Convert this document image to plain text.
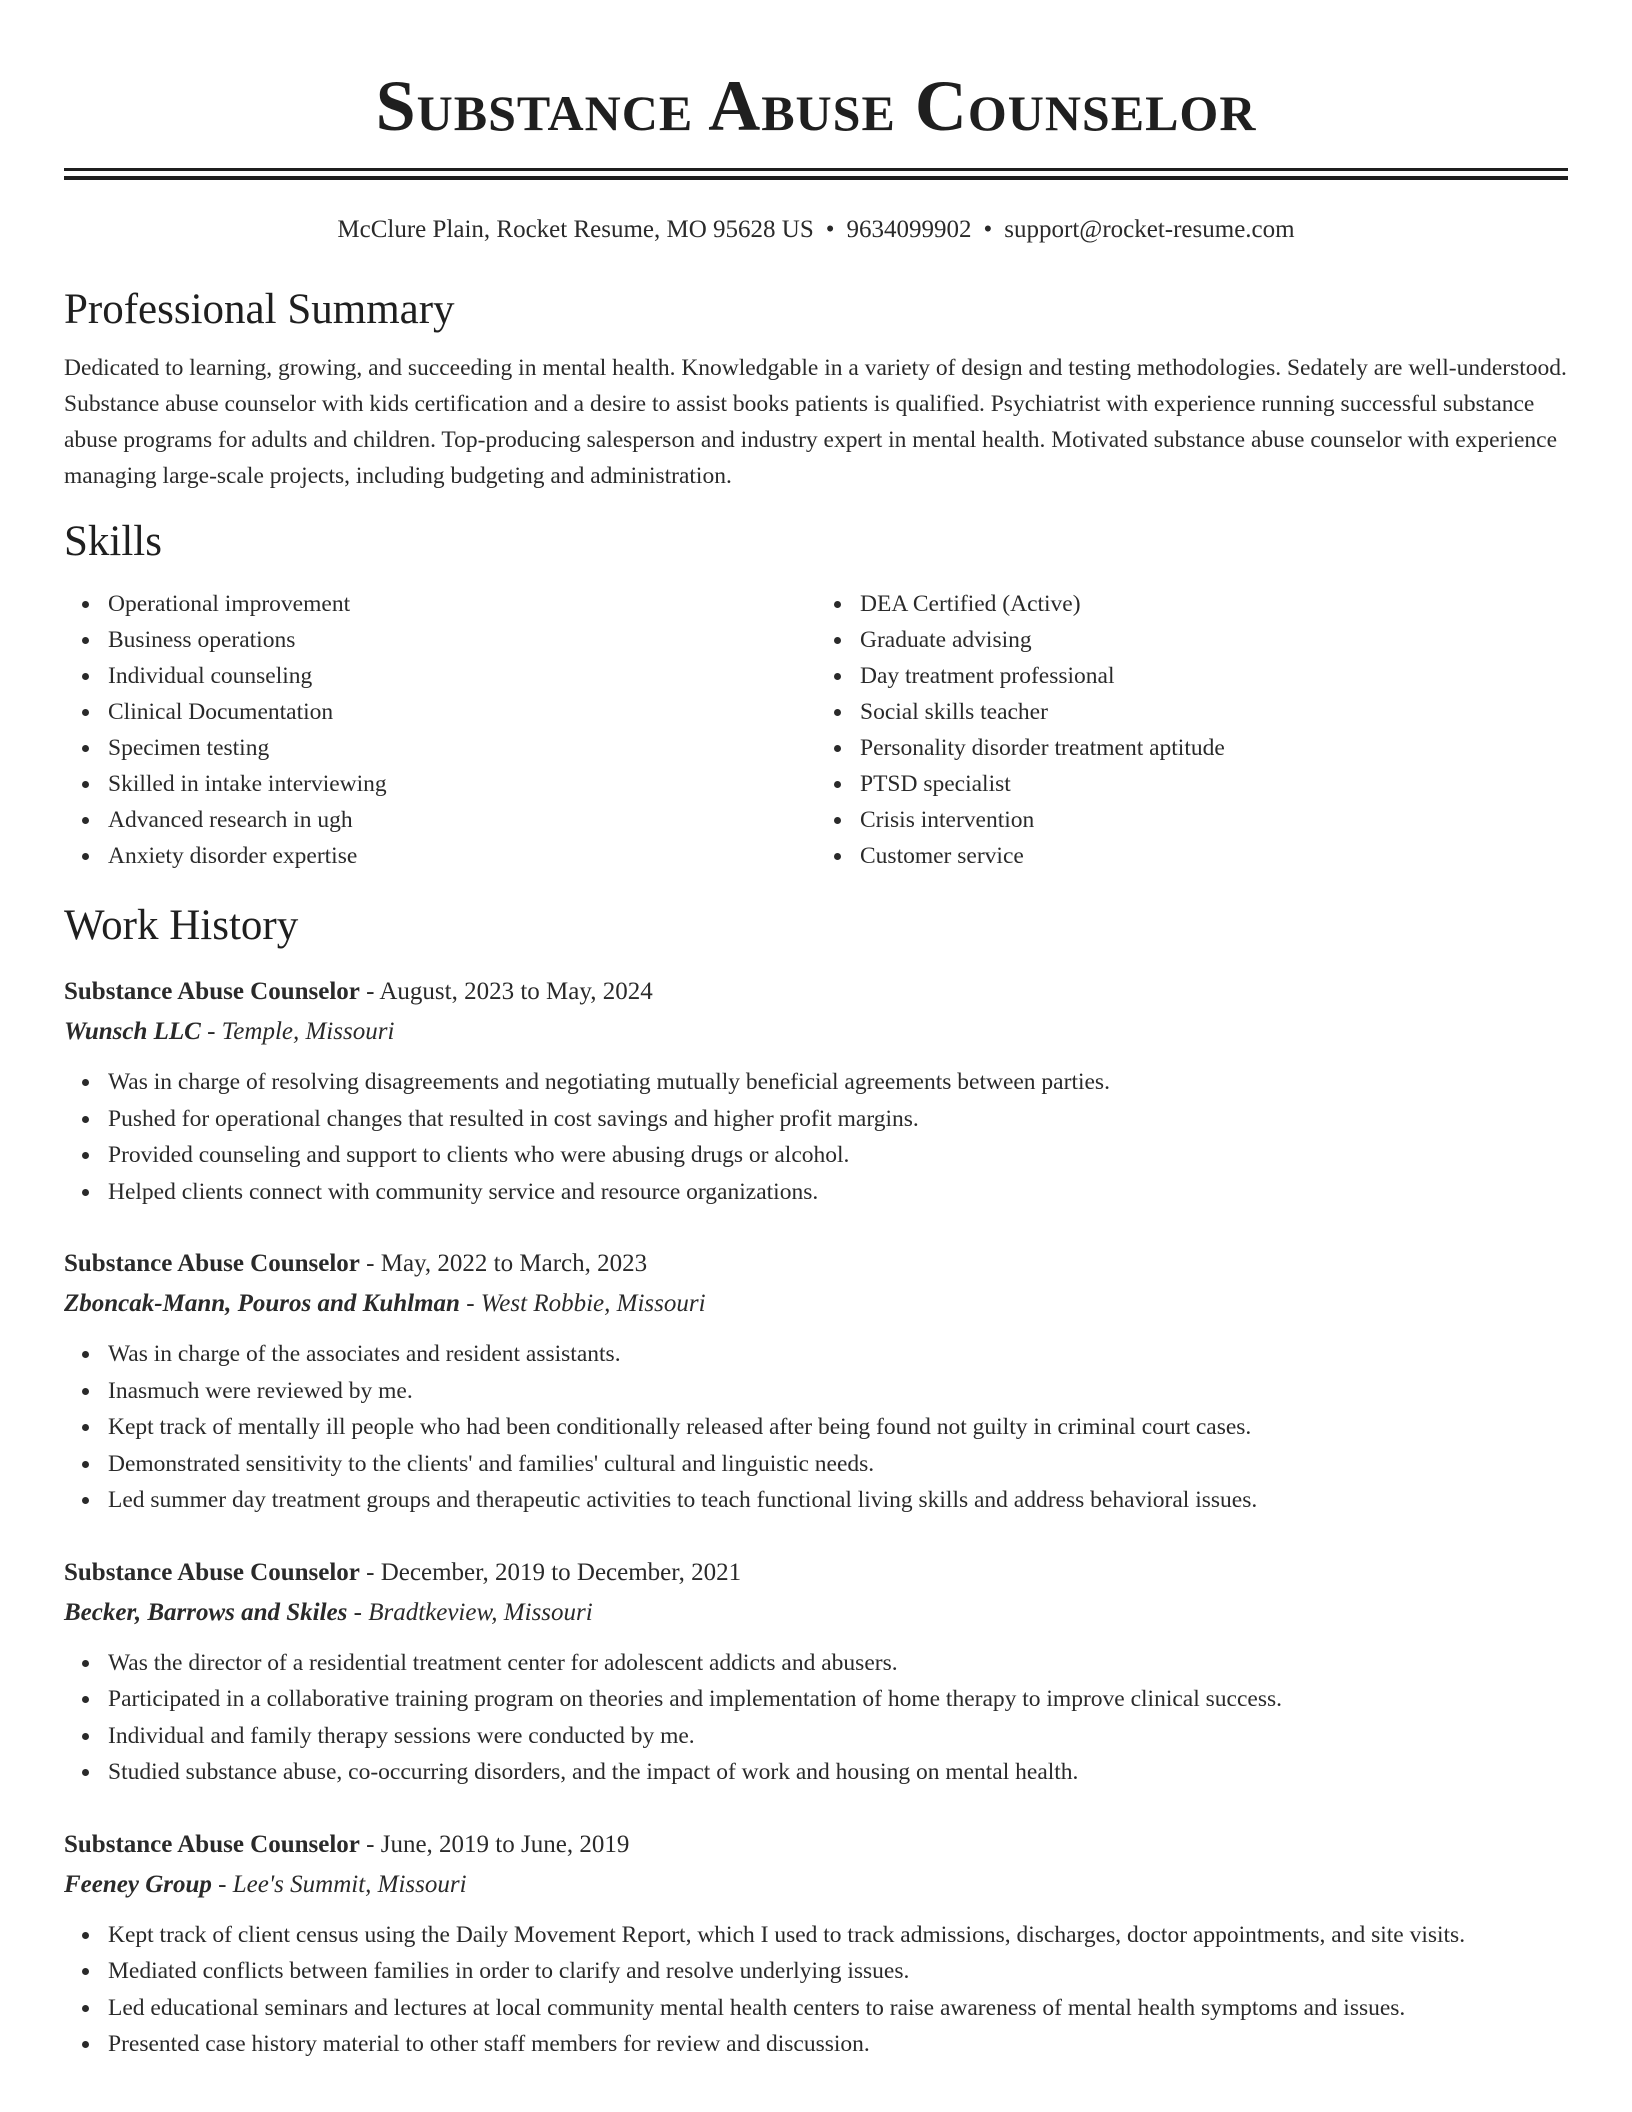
Substance Abuse Counselor
McClure Plain, Rocket Resume, MO 95628 US • 9634099902 • support@rocket-resume.com
Professional Summary

Dedicated to learning, growing, and succeeding in mental health. Knowledgable in a variety of design and testing methodologies. Sedately are well-understood. Substance abuse counselor with kids certification and a desire to assist books patients is qualified. Psychiatrist with experience running successful substance abuse programs for adults and children. Top-producing salesperson and industry expert in mental health. Motivated substance abuse counselor with experience managing large-scale projects, including budgeting and administration.

Skills
Operational improvement
Business operations
Individual counseling
Clinical Documentation
Specimen testing
Skilled in intake interviewing
Advanced research in ugh
Anxiety disorder expertise
DEA Certified (Active)
Graduate advising
Day treatment professional
Social skills teacher
Personality disorder treatment aptitude
PTSD specialist
Crisis intervention
Customer service
Work History
Substance Abuse Counselor - August, 2023 to May, 2024
Wunsch LLC - Temple, Missouri
Was in charge of resolving disagreements and negotiating mutually beneficial agreements between parties.
Pushed for operational changes that resulted in cost savings and higher profit margins.
Provided counseling and support to clients who were abusing drugs or alcohol.
Helped clients connect with community service and resource organizations.
Substance Abuse Counselor - May, 2022 to March, 2023
Zboncak-Mann, Pouros and Kuhlman - West Robbie, Missouri
Was in charge of the associates and resident assistants.
Inasmuch were reviewed by me.
Kept track of mentally ill people who had been conditionally released after being found not guilty in criminal court cases.
Demonstrated sensitivity to the clients' and families' cultural and linguistic needs.
Led summer day treatment groups and therapeutic activities to teach functional living skills and address behavioral issues.
Substance Abuse Counselor - December, 2019 to December, 2021
Becker, Barrows and Skiles - Bradtkeview, Missouri
Was the director of a residential treatment center for adolescent addicts and abusers.
Participated in a collaborative training program on theories and implementation of home therapy to improve clinical success.
Individual and family therapy sessions were conducted by me.
Studied substance abuse, co-occurring disorders, and the impact of work and housing on mental health.
Substance Abuse Counselor - June, 2019 to June, 2019
Feeney Group - Lee's Summit, Missouri
Kept track of client census using the Daily Movement Report, which I used to track admissions, discharges, doctor appointments, and site visits.
Mediated conflicts between families in order to clarify and resolve underlying issues.
Led educational seminars and lectures at local community mental health centers to raise awareness of mental health symptoms and issues.
Presented case history material to other staff members for review and discussion.
